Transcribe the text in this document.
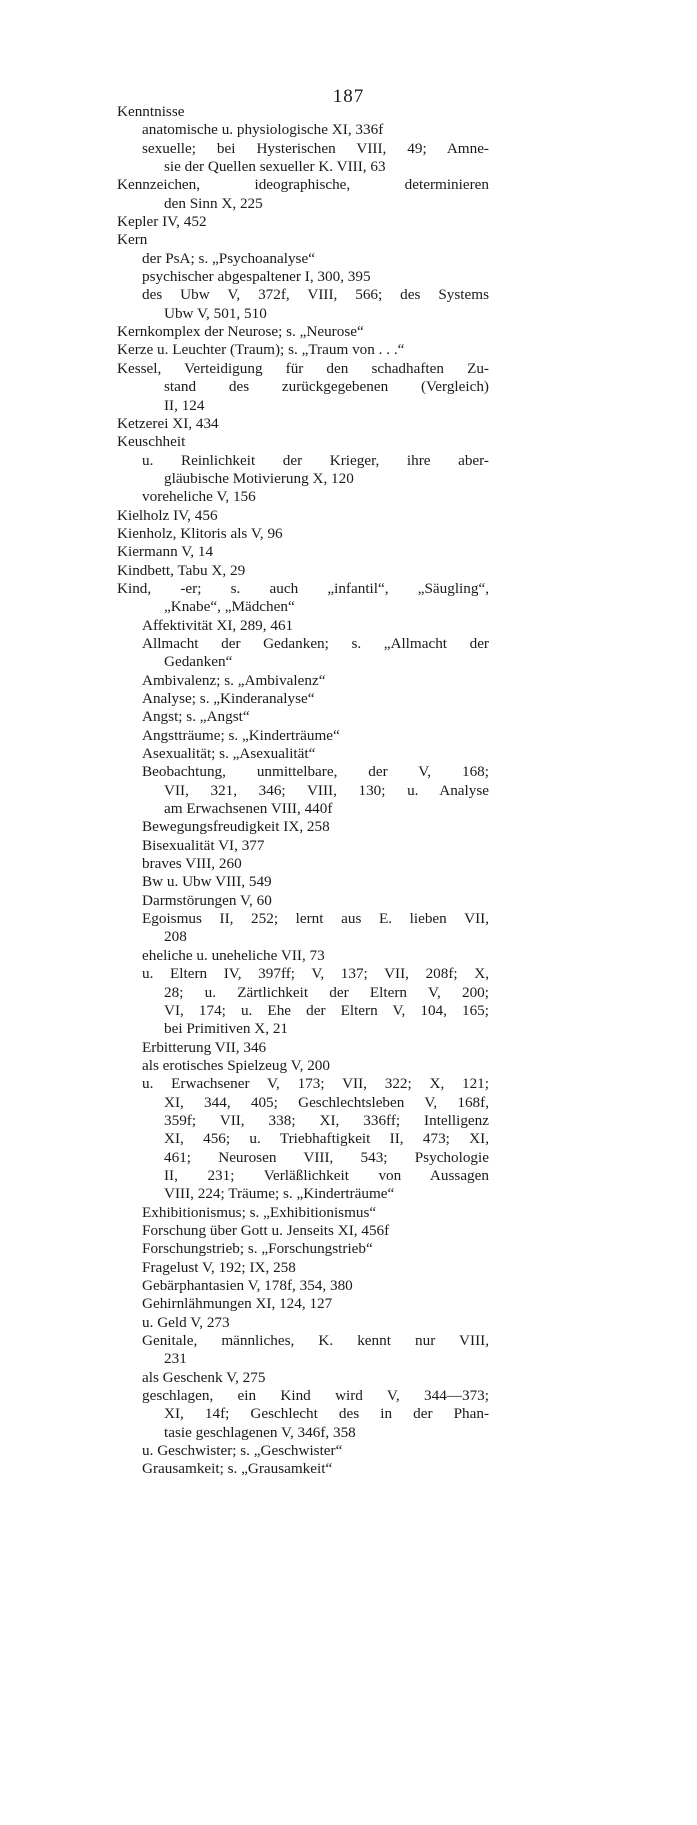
187
Kenntnisse
anatomische u. physiologische XI, 336f
sexuelle; bei Hysterischen VIII, 49; Amne-
sie der Quellen sexueller K. VIII, 63
Kennzeichen, ideographische, determinieren
den Sinn X, 225
Kepler IV, 452
Kern
der PsA; s. „Psychoanalyse“
psychischer abgespaltener I, 300, 395
des Ubw V, 372f, VIII, 566; des Systems
Ubw V, 501, 510
Kernkomplex der Neurose; s. „Neurose“
Kerze u. Leuchter (Traum); s. „Traum von . . .“
Kessel, Verteidigung für den schadhaften Zu-
stand des zurückgegebenen (Vergleich)
II, 124
Ketzerei XI, 434
Keuschheit
u. Reinlichkeit der Krieger, ihre aber-
gläubische Motivierung X, 120
voreheliche V, 156
Kielholz IV, 456
Kienholz, Klitoris als V, 96
Kiermann V, 14
Kindbett, Tabu X, 29
Kind, -er; s. auch „infantil“, „Säugling“,
„Knabe“, „Mädchen“
Affektivität XI, 289, 461
Allmacht der Gedanken; s. „Allmacht der
Gedanken“
Ambivalenz; s. „Ambivalenz“
Analyse; s. „Kinderanalyse“
Angst; s. „Angst“
Angstträume; s. „Kinderträume“
Asexualität; s. „Asexualität“
Beobachtung, unmittelbare, der V, 168;
VII, 321, 346; VIII, 130; u. Analyse
am Erwachsenen VIII, 440f
Bewegungsfreudigkeit IX, 258
Bisexualität VI, 377
braves VIII, 260
Bw u. Ubw VIII, 549
Darmstörungen V, 60
Egoismus II, 252; lernt aus E. lieben VII,
208
eheliche u. uneheliche VII, 73
u. Eltern IV, 397ff; V, 137; VII, 208f; X,
28; u. Zärtlichkeit der Eltern V, 200;
VI, 174; u. Ehe der Eltern V, 104, 165;
bei Primitiven X, 21
Erbitterung VII, 346
als erotisches Spielzeug V, 200
u. Erwachsener V, 173; VII, 322; X, 121;
XI, 344, 405; Geschlechtsleben V, 168f,
359f; VII, 338; XI, 336ff; Intelligenz
XI, 456; u. Triebhaftigkeit II, 473; XI,
461; Neurosen VIII, 543; Psychologie
II, 231; Verläßlichkeit von Aussagen
VIII, 224; Träume; s. „Kinderträume“
Exhibitionismus; s. „Exhibitionismus“
Forschung über Gott u. Jenseits XI, 456f
Forschungstrieb; s. „Forschungstrieb“
Fragelust V, 192; IX, 258
Gebärphantasien V, 178f, 354, 380
Gehirnlähmungen XI, 124, 127
u. Geld V, 273
Genitale, männliches, K. kennt nur VIII,
231
als Geschenk V, 275
geschlagen, ein Kind wird V, 344—373;
XI, 14f; Geschlecht des in der Phan-
tasie geschlagenen V, 346f, 358
u. Geschwister; s. „Geschwister“
Grausamkeit; s. „Grausamkeit“
